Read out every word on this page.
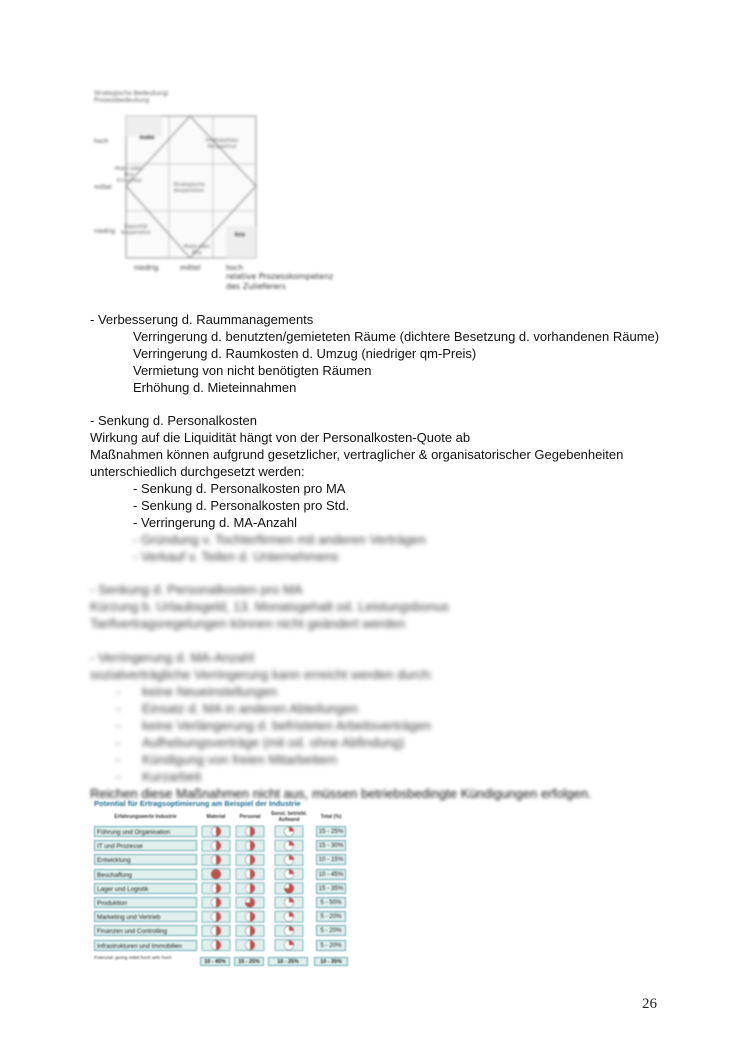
Strategische Bedeutung/ Prozessbedeutung
hoch
mittel
niedrig
make	Profitabilitäts Perspektive
Make-oder-Buy Entscheid
Strategische Kooperation
Kapazität Kooperation
Make-oder Buy
buy
niedrig	mittel	hoch
relative Prozesskompetenz
des Zulieferers
- Verbesserung d. Raummanagements
Verringerung d. benutzten/gemieteten Räume (dichtere Besetzung d. vorhandenen Räume)
Verringerung d. Raumkosten d. Umzug (niedriger qm-Preis)
Vermietung von nicht benötigten Räumen
Erhöhung d. Mieteinnahmen
- Senkung d. Personalkosten
Wirkung auf die Liquidität hängt von der Personalkosten-Quote ab
Maßnahmen können aufgrund gesetzlicher, vertraglicher & organisatorischer Gegebenheiten
unterschiedlich durchgesetzt werden:
- Senkung d. Personalkosten pro MA
- Senkung d. Personalkosten pro Std.
- Verringerung d. MA-Anzahl
- Gründung v. Tochterfirmen mit anderen Verträgen
- Verkauf v. Teilen d. Unternehmens
- Senkung d. Personalkosten pro MA
Kürzung b. Urlaubsgeld, 13. Monatsgehalt od. Leistungsbonus
Tarifvertragsregelungen können nicht geändert werden
- Verringerung d. MA-Anzahl
sozialverträgliche Verringerung kann erreicht werden durch:
-      keine Neueinstellungen
-      Einsatz d. MA in anderen Abteilungen
-      keine Verlängerung d. befristeten Arbeitsverträgen
-      Aufhebungsverträge (mit od. ohne Abfindung)
-      Kündigung von freien Mitarbeitern
-      Kurzarbeit
Reichen diese Maßnahmen nicht aus, müssen betriebsbedingte Kündigungen erfolgen.
Potential für Ertragsoptimierung am Beispiel der Industrie
Erfahrungswerte Industrie	Material	Personal	Sonst. betriebl. Aufwand	Total (%)
Potenzial: gering mittel hoch sehr hoch
Führung und Organisation	15 - 25%
IT und Prozesse	15 - 30%
Entwicklung	10 - 15%
Beschaffung	10 - 45%
Lager und Logistik	15 - 35%
Produktion	5 - 50%
Marketing und Vertrieb	5 - 20%
Finanzen und Controlling	5 - 20%
Infrastrukturen und Immobilien	5 - 20%
10 - 45%	15 - 25%	10 - 25%	10 - 35%
26
